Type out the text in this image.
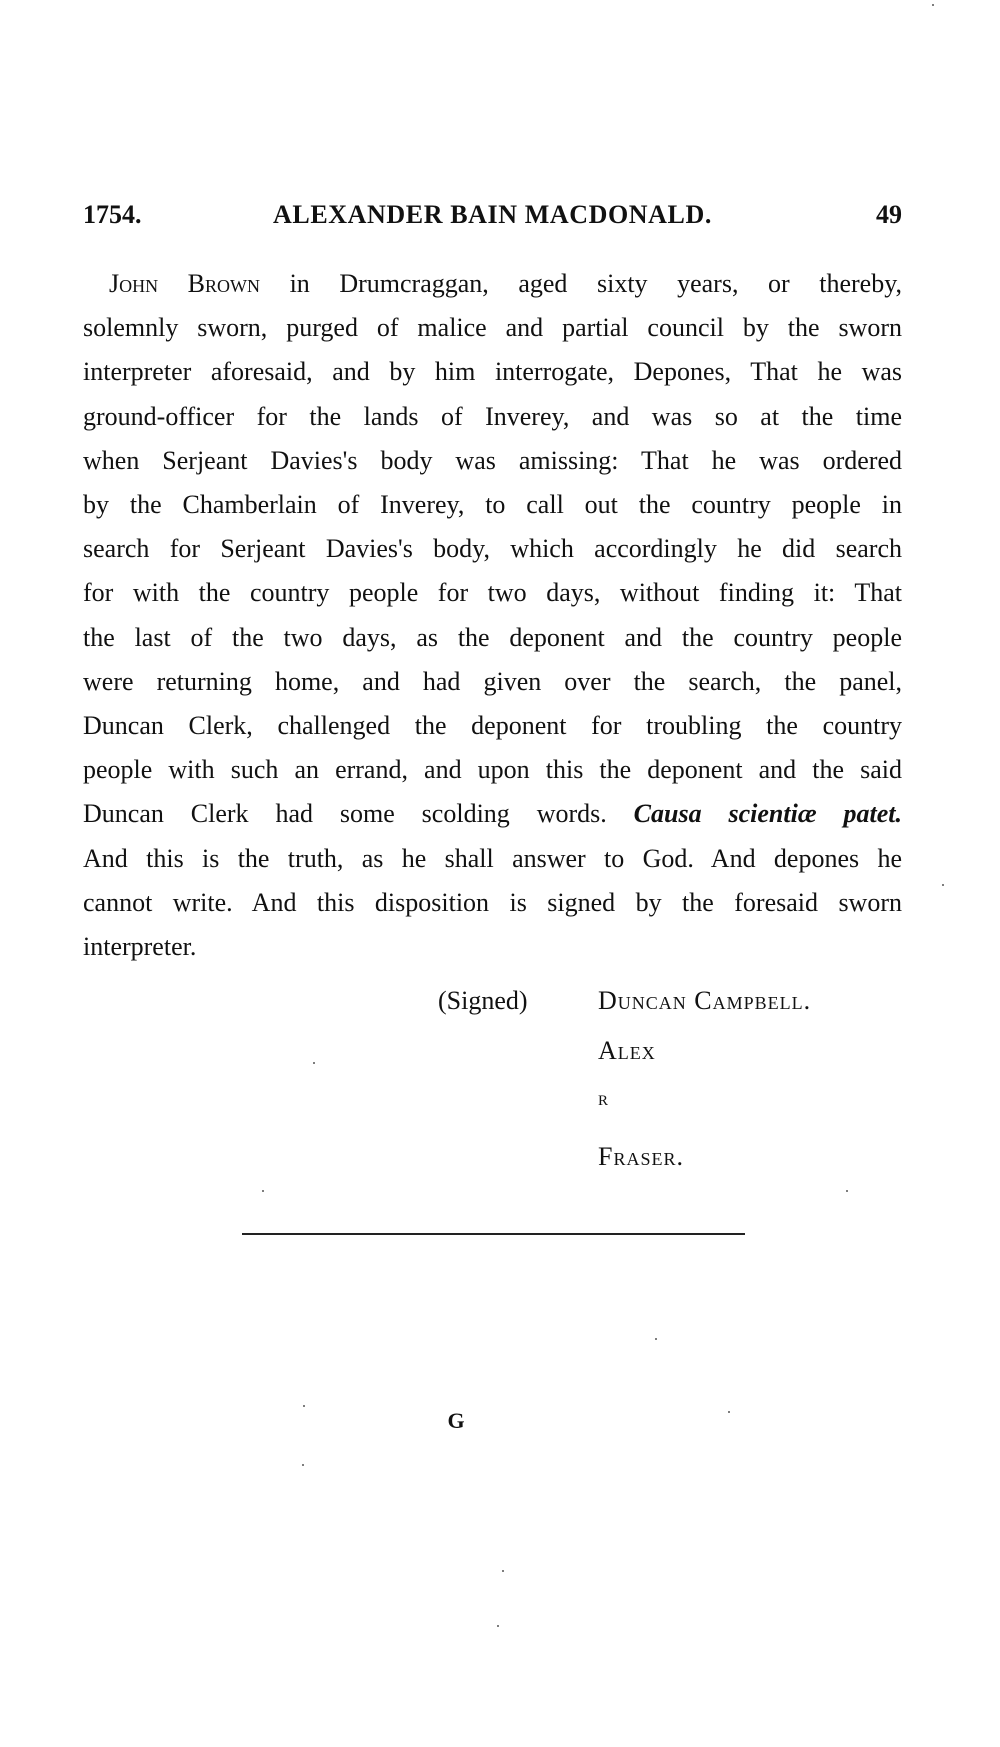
1754.	ALEXANDER BAIN MACDONALD.	49
John Brown in Drumcraggan, aged sixty years, or thereby,
solemnly sworn, purged of malice and partial council by the sworn
interpreter aforesaid, and by him interrogate, Depones, That he was
ground-officer for the lands of Inverey, and was so at the time
when Serjeant Davies's body was amissing: That he was ordered
by the Chamberlain of Inverey, to call out the country people in
search for Serjeant Davies's body, which accordingly he did search
for with the country people for two days, without finding it: That
the last of the two days, as the deponent and the country people
were returning home, and had given over the search, the panel,
Duncan Clerk, challenged the deponent for troubling the country
people with such an errand, and upon this the deponent and the said
Duncan Clerk had some scolding words. Causa scientiæ patet.
And this is the truth, as he shall answer to God. And depones he
cannot write. And this disposition is signed by the foresaid sworn
interpreter.
(Signed)	Duncan Campbell.
Alex
$^R$
Fraser.
G
